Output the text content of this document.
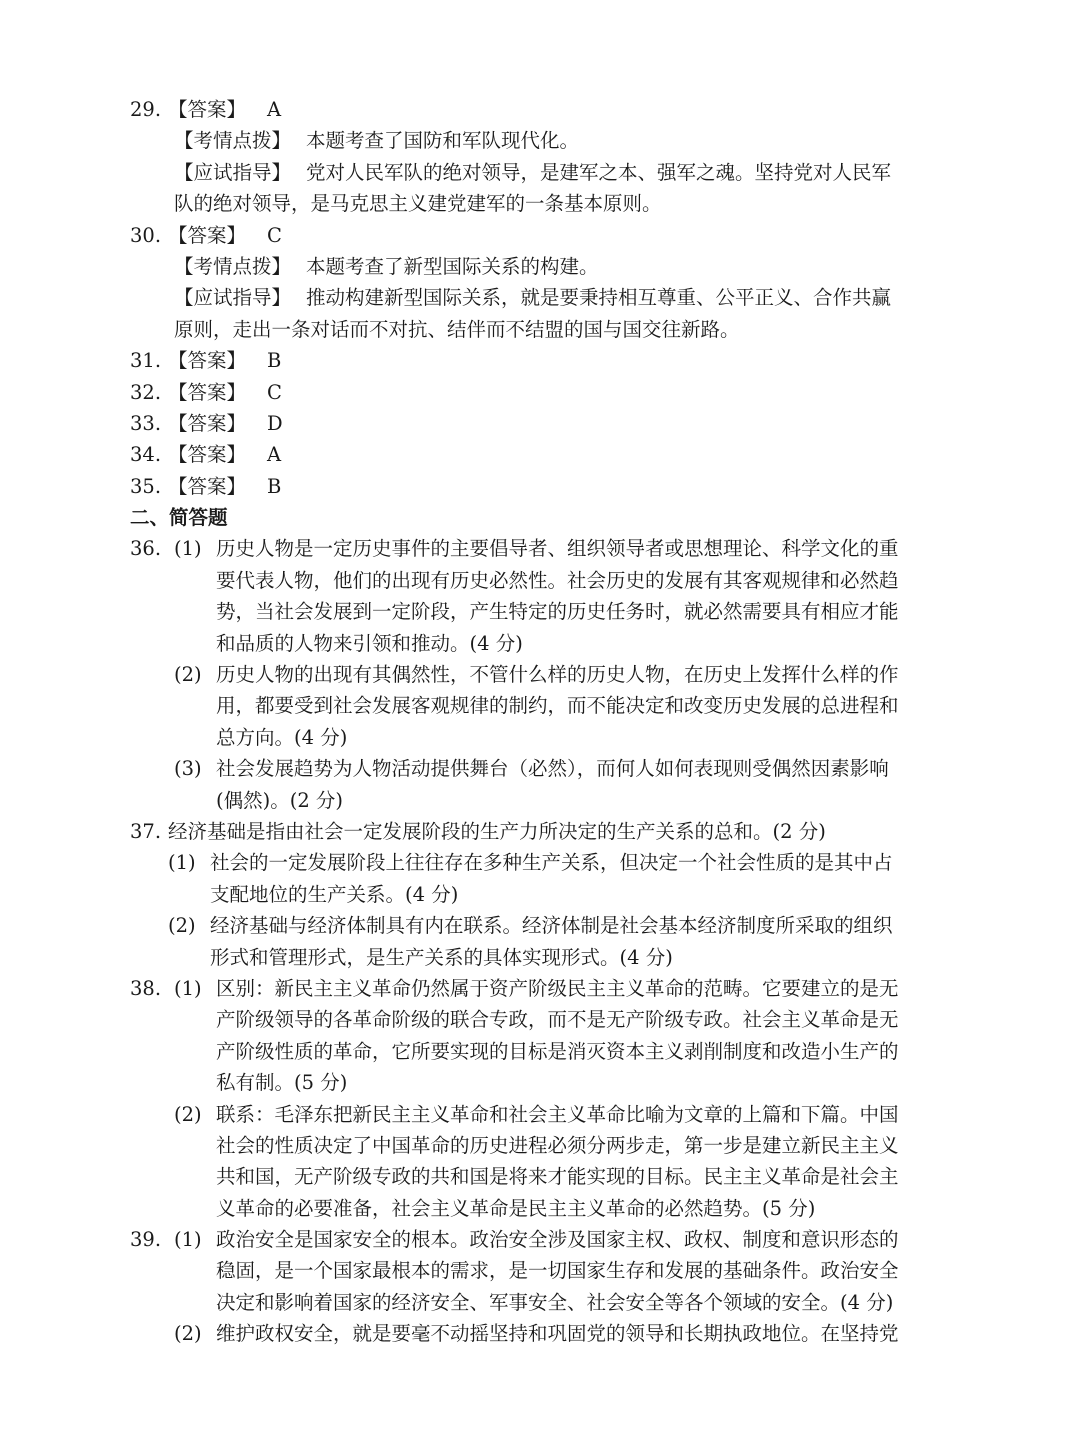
29. 【答案】 A
【考情点拨】 本题考查了国防和军队现代化。
【应试指导】 党对人民军队的绝对领导，是建军之本、强军之魂。坚持党对人民军
队的绝对领导，是马克思主义建党建军的一条基本原则。
30. 【答案】 C
【考情点拨】 本题考查了新型国际关系的构建。
【应试指导】 推动构建新型国际关系，就是要秉持相互尊重、公平正义、合作共赢
原则，走出一条对话而不对抗、结伴而不结盟的国与国交往新路。
31. 【答案】 B
32. 【答案】 C
33. 【答案】 D
34. 【答案】 A
35. 【答案】 B
二、简答题
36. (1) 历史人物是一定历史事件的主要倡导者、组织领导者或思想理论、科学文化的重
要代表人物，他们的出现有历史必然性。社会历史的发展有其客观规律和必然趋
势，当社会发展到一定阶段，产生特定的历史任务时，就必然需要具有相应才能
和品质的人物来引领和推动。(4 分)
(2) 历史人物的出现有其偶然性，不管什么样的历史人物，在历史上发挥什么样的作
用，都要受到社会发展客观规律的制约，而不能决定和改变历史发展的总进程和
总方向。(4 分)
(3) 社会发展趋势为人物活动提供舞台（必然），而何人如何表现则受偶然因素影响
(偶然)。(2 分)
37. 经济基础是指由社会一定发展阶段的生产力所决定的生产关系的总和。(2 分)
(1) 社会的一定发展阶段上往往存在多种生产关系，但决定一个社会性质的是其中占
支配地位的生产关系。(4 分)
(2) 经济基础与经济体制具有内在联系。经济体制是社会基本经济制度所采取的组织
形式和管理形式，是生产关系的具体实现形式。(4 分)
38. (1) 区别：新民主主义革命仍然属于资产阶级民主主义革命的范畴。它要建立的是无
产阶级领导的各革命阶级的联合专政，而不是无产阶级专政。社会主义革命是无
产阶级性质的革命，它所要实现的目标是消灭资本主义剥削制度和改造小生产的
私有制。(5 分)
(2) 联系：毛泽东把新民主主义革命和社会主义革命比喻为文章的上篇和下篇。中国
社会的性质决定了中国革命的历史进程必须分两步走，第一步是建立新民主主义
共和国，无产阶级专政的共和国是将来才能实现的目标。民主主义革命是社会主
义革命的必要准备，社会主义革命是民主主义革命的必然趋势。(5 分)
39. (1) 政治安全是国家安全的根本。政治安全涉及国家主权、政权、制度和意识形态的
稳固，是一个国家最根本的需求，是一切国家生存和发展的基础条件。政治安全
决定和影响着国家的经济安全、军事安全、社会安全等各个领域的安全。(4 分)
(2) 维护政权安全，就是要毫不动摇坚持和巩固党的领导和长期执政地位。在坚持党
